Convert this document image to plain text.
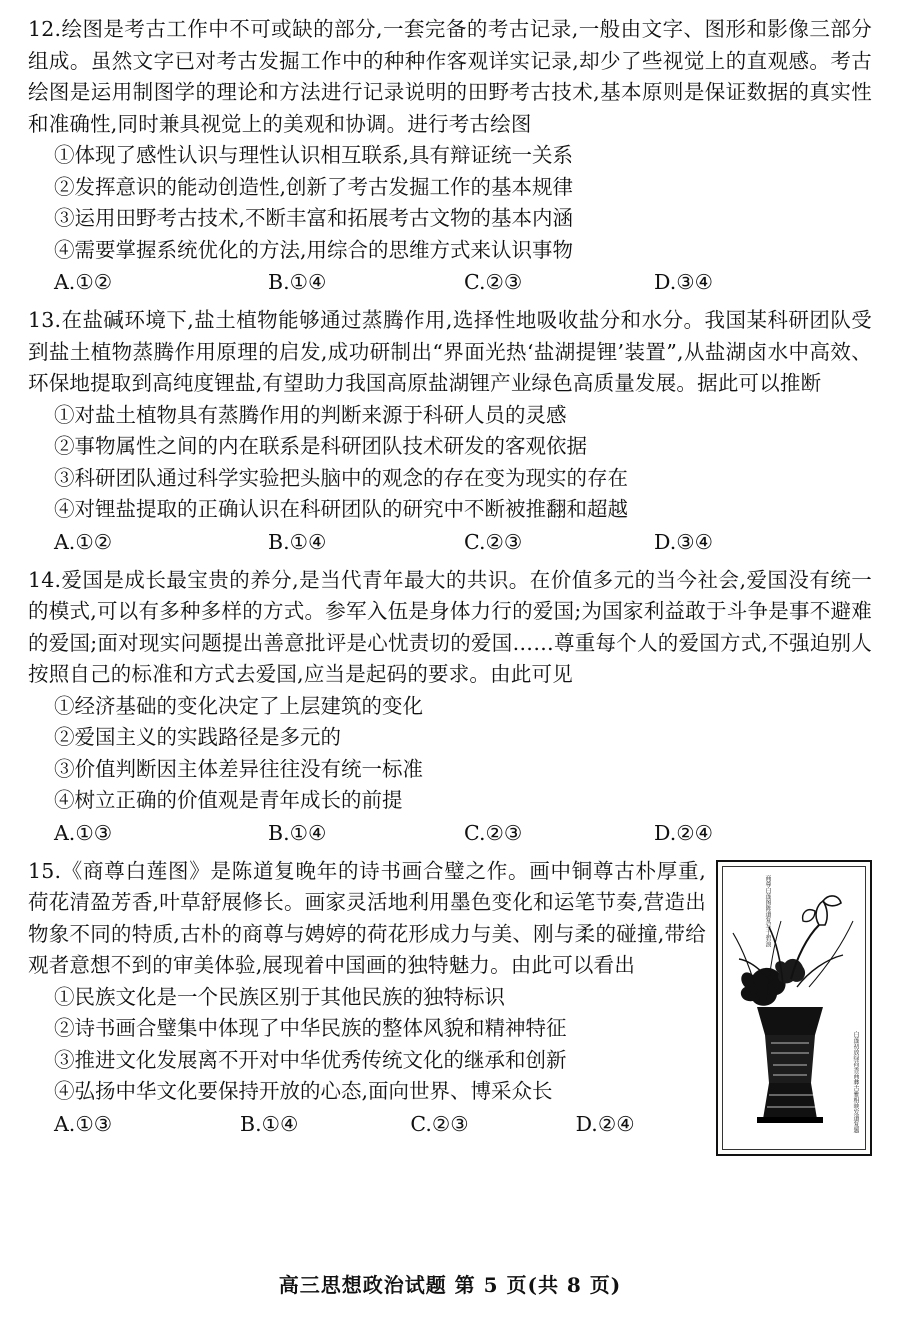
12.绘图是考古工作中不可或缺的部分,一套完备的考古记录,一般由文字、图形和影像三部分组成。虽然文字已对考古发掘工作中的种种作客观详实记录,却少了些视觉上的直观感。考古绘图是运用制图学的理论和方法进行记录说明的田野考古技术,基本原则是保证数据的真实性和准确性,同时兼具视觉上的美观和协调。进行考古绘图
①体现了感性认识与理性认识相互联系,具有辩证统一关系
②发挥意识的能动创造性,创新了考古发掘工作的基本规律
③运用田野考古技术,不断丰富和拓展考古文物的基本内涵
④需要掌握系统优化的方法,用综合的思维方式来认识事物
A.①②	B.①④	C.②③	D.③④
13.在盐碱环境下,盐土植物能够通过蒸腾作用,选择性地吸收盐分和水分。我国某科研团队受到盐土植物蒸腾作用原理的启发,成功研制出“界面光热‘盐湖提锂’装置”,从盐湖卤水中高效、环保地提取到高纯度锂盐,有望助力我国高原盐湖锂产业绿色高质量发展。据此可以推断
①对盐土植物具有蒸腾作用的判断来源于科研人员的灵感
②事物属性之间的内在联系是科研团队技术研发的客观依据
③科研团队通过科学实验把头脑中的观念的存在变为现实的存在
④对锂盐提取的正确认识在科研团队的研究中不断被推翻和超越
A.①②	B.①④	C.②③	D.③④
14.爱国是成长最宝贵的养分,是当代青年最大的共识。在价值多元的当今社会,爱国没有统一的模式,可以有多种多样的方式。参军入伍是身体力行的爱国;为国家利益敢于斗争是事不避难的爱国;面对现实问题提出善意批评是心忧责切的爱国……尊重每个人的爱国方式,不强迫别人按照自己的标准和方式去爱国,应当是起码的要求。由此可见
①经济基础的变化决定了上层建筑的变化
②爱国主义的实践路径是多元的
③价值判断因主体差异往往没有统一标准
④树立正确的价值观是青年成长的前提
A.①③	B.①④	C.②③	D.②④
商尊白莲图陈道复写于碧浪
白莲初放绿荷香商彝古雅相映发道复题
15.《商尊白莲图》是陈道复晚年的诗书画合璧之作。画中铜尊古朴厚重,荷花清盈芳香,叶草舒展修长。画家灵活地利用墨色变化和运笔节奏,营造出物象不同的特质,古朴的商尊与娉婷的荷花形成力与美、刚与柔的碰撞,带给观者意想不到的审美体验,展现着中国画的独特魅力。由此可以看出
①民族文化是一个民族区别于其他民族的独特标识
②诗书画合璧集中体现了中华民族的整体风貌和精神特征
③推进文化发展离不开对中华优秀传统文化的继承和创新
④弘扬中华文化要保持开放的心态,面向世界、博采众长
A.①③	B.①④	C.②③	D.②④
高三思想政治试题 第 5 页(共 8 页)
